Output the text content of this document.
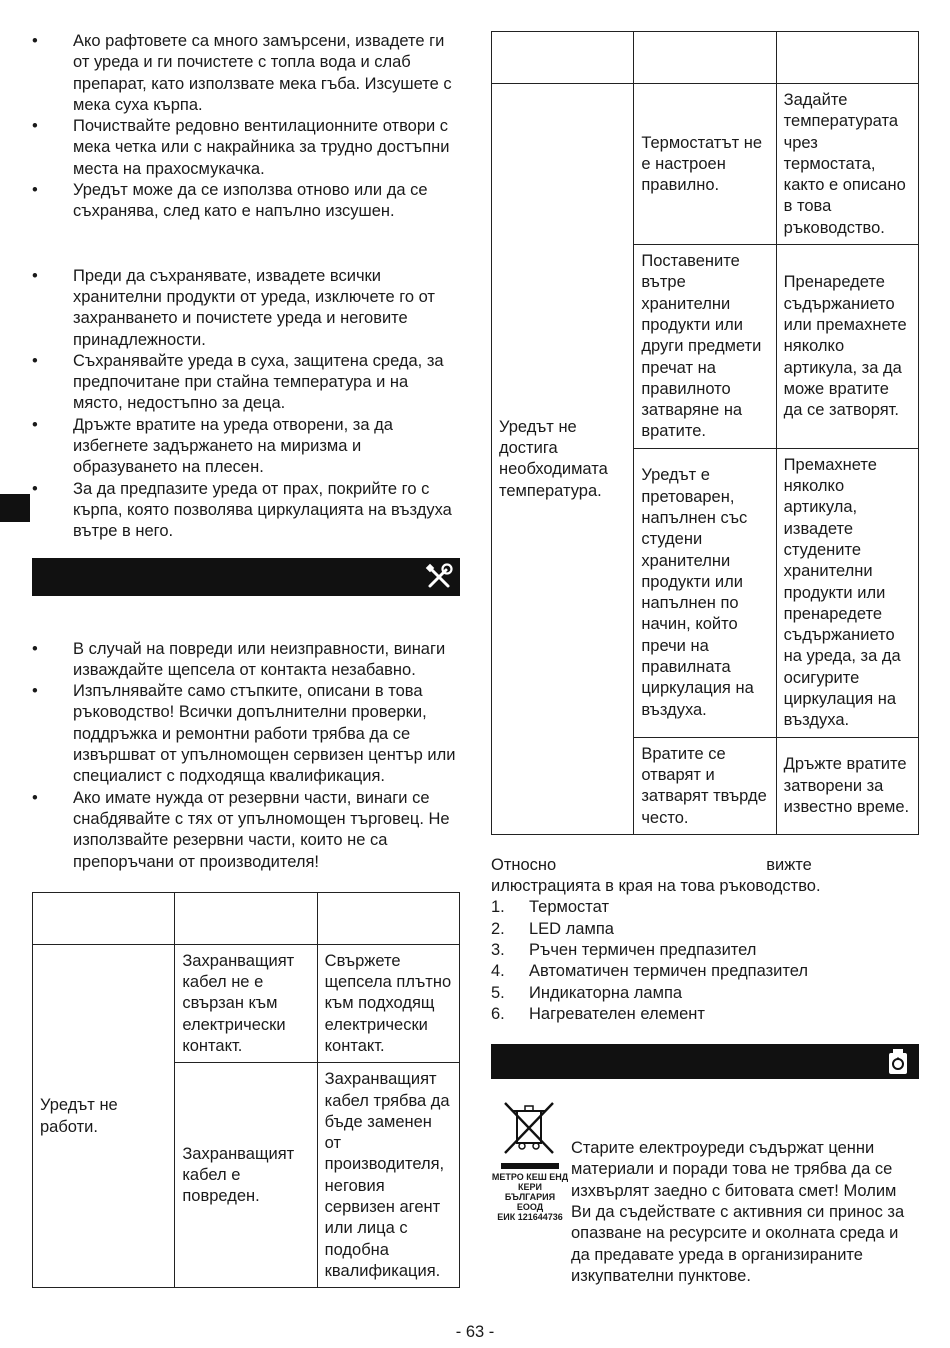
• Ако рафтовете са много замърсени, извадете ги от уреда и ги почистете с топла вода и слаб препарат, като използвате мека гъба. Изсушете с мека суха кърпа.
• Почиствайте редовно вентилационните отвори с мека четка или с накрайника за трудно достъпни места на прахосмукачка.
• Уредът може да се използва отново или да се съхранява, след като е напълно изсушен.
• Преди да съхранявате, извадете всички хранителни продукти от уреда, изключете го от захранването и почистете уреда и неговите принадлежности.
• Съхранявайте уреда в суха, защитена среда, за предпочитане при стайна температура и на място, недостъпно за деца.
• Дръжте вратите на уреда отворени, за да избегнете задържането на миризма и образуването на плесен.
• За да предпазите уреда от прах, покрийте го с кърпа, която позволява циркулацията на въздуха вътре в него.
• В случай на повреди или неизправности, винаги изваждайте щепсела от контакта незабавно.
• Изпълнявайте само стъпките, описани в това ръководство! Всички допълнителни проверки, поддръжка и ремонтни работи трябва да се извършват от упълномощен сервизен център или специалист с подходяща квалификация.
• Ако имате нужда от резервни части, винаги се снабдявайте с тях от упълномощен търговец. Не използвайте резервни части, които не са препоръчани от производителя!

Уредът не работи.	Захранващият кабел не е свързан към електрически контакт.	Свържете щепсела плътно към подходящ електрически контакт.
	Захранващият кабел е повреден.	Захранващият кабел трябва да бъде заменен от производителя, неговия сервизен агент или лица с подобна квалификация.

Уредът не достига необходимата температура.	Термостатът не е настроен правилно.	Задайте температурата чрез термостата, както е описано в това ръководство.
	Поставените вътре хранителни продукти или други предмети пречат на правилното затваряне на вратите.	Пренаредете съдържанието или премахнете няколко артикула, за да може вратите да се затворят.
	Уредът е претоварен, напълнен със студени хранителни продукти или напълнен по начин, който пречи на правилната циркулация на въздуха.	Премахнете няколко артикула, извадете студените хранителни продукти или пренаредете съдържанието на уреда, за да осигурите циркулация на въздуха.
	Вратите се отварят и затварят твърде често.	Дръжте вратите затворени за известно време.
Относно	вижте
илюстрацията в края на това ръководство.
1. Термостат
2. LED лампа
3. Ръчен термичен предпазител
4. Автоматичен термичен предпазител
5. Индикаторна лампа
6. Нагревателен елемент
МЕТРО КЕШ ЕНД КЕРИ
БЪЛГАРИЯ ЕООД
ЕИК 121644736
Старите електроуреди съдържат ценни материали и поради това не трябва да се изхвърлят заедно с битовата смет! Молим Ви да съдействате с активния си принос за опазване на ресурсите и околната среда и да предавате уреда в организираните изкупвателни пунктове.
- 63 -
